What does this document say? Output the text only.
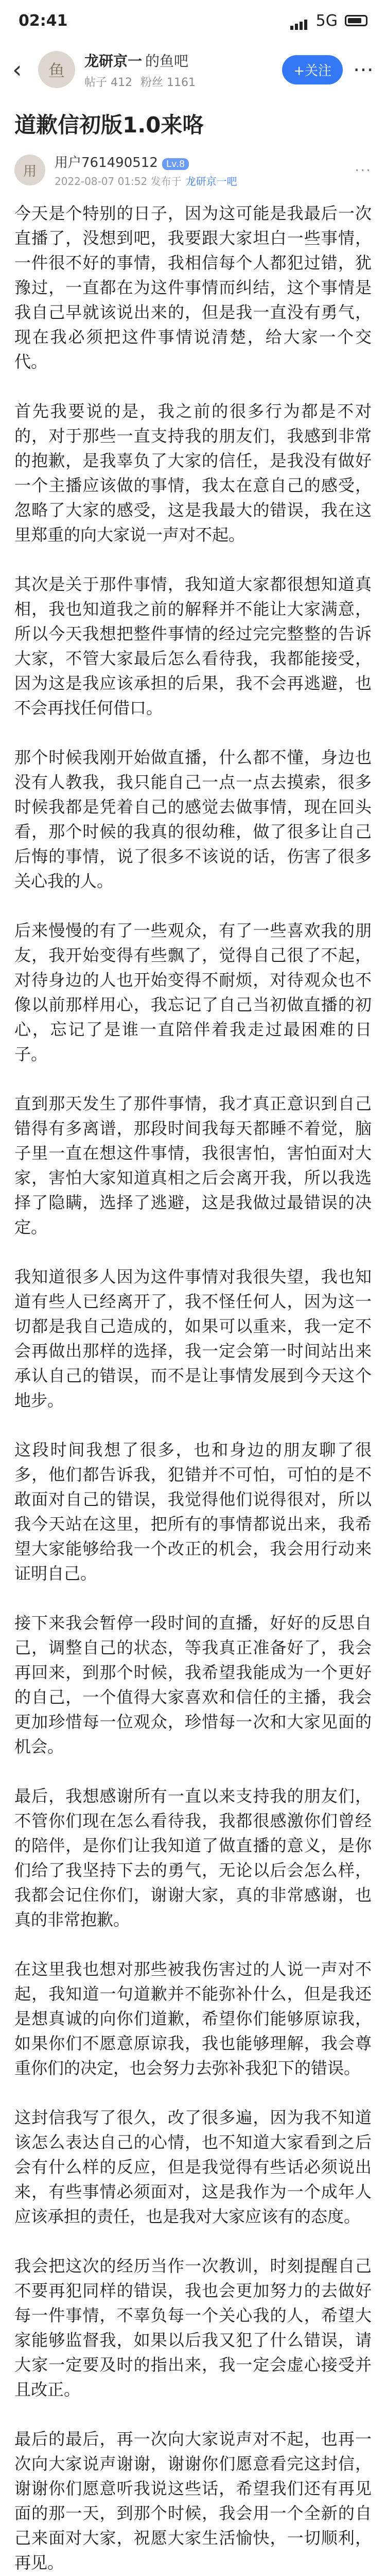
02:41	5G
‹	鱼	龙研京一 的鱼吧
帖子 412 粉丝 1161
+关注	⋯
道歉信初版1.0来咯
用
用户761490512 Lv.8
2022-08-07 01:52 发布于 龙研京一吧
···

今天是个特别的日子，因为这可能是我最后一次直播了，没想到吧，我要跟大家坦白一些事情，一件很不好的事情，我相信每个人都犯过错，犹豫过，一直都在为这件事情而纠结，这个事情是我自己早就该说出来的，但是我一直没有勇气，现在我必须把这件事情说清楚，给大家一个交代。

首先我要说的是，我之前的很多行为都是不对的，对于那些一直支持我的朋友们，我感到非常的抱歉，是我辜负了大家的信任，是我没有做好一个主播应该做的事情，我太在意自己的感受，忽略了大家的感受，这是我最大的错误，我在这里郑重的向大家说一声对不起。

其次是关于那件事情，我知道大家都很想知道真相，我也知道我之前的解释并不能让大家满意，所以今天我想把整件事情的经过完完整整的告诉大家，不管大家最后怎么看待我，我都能接受，因为这是我应该承担的后果，我不会再逃避，也不会再找任何借口。

那个时候我刚开始做直播，什么都不懂，身边也没有人教我，我只能自己一点一点去摸索，很多时候我都是凭着自己的感觉去做事情，现在回头看，那个时候的我真的很幼稚，做了很多让自己后悔的事情，说了很多不该说的话，伤害了很多关心我的人。

后来慢慢的有了一些观众，有了一些喜欢我的朋友，我开始变得有些飘了，觉得自己很了不起，对待身边的人也开始变得不耐烦，对待观众也不像以前那样用心，我忘记了自己当初做直播的初心，忘记了是谁一直陪伴着我走过最困难的日子。

直到那天发生了那件事情，我才真正意识到自己错得有多离谱，那段时间我每天都睡不着觉，脑子里一直在想这件事情，我很害怕，害怕面对大家，害怕大家知道真相之后会离开我，所以我选择了隐瞒，选择了逃避，这是我做过最错误的决定。

我知道很多人因为这件事情对我很失望，我也知道有些人已经离开了，我不怪任何人，因为这一切都是我自己造成的，如果可以重来，我一定不会再做出那样的选择，我一定会第一时间站出来承认自己的错误，而不是让事情发展到今天这个地步。

这段时间我想了很多，也和身边的朋友聊了很多，他们都告诉我，犯错并不可怕，可怕的是不敢面对自己的错误，我觉得他们说得很对，所以我今天站在这里，把所有的事情都说出来，我希望大家能够给我一个改正的机会，我会用行动来证明自己。

接下来我会暂停一段时间的直播，好好的反思自己，调整自己的状态，等我真正准备好了，我会再回来，到那个时候，我希望我能成为一个更好的自己，一个值得大家喜欢和信任的主播，我会更加珍惜每一位观众，珍惜每一次和大家见面的机会。

最后，我想感谢所有一直以来支持我的朋友们，不管你们现在怎么看待我，我都很感激你们曾经的陪伴，是你们让我知道了做直播的意义，是你们给了我坚持下去的勇气，无论以后会怎么样，我都会记住你们，谢谢大家，真的非常感谢，也真的非常抱歉。

在这里我也想对那些被我伤害过的人说一声对不起，我知道一句道歉并不能弥补什么，但是我还是想真诚的向你们道歉，希望你们能够原谅我，如果你们不愿意原谅我，我也能够理解，我会尊重你们的决定，也会努力去弥补我犯下的错误。

这封信我写了很久，改了很多遍，因为我不知道该怎么表达自己的心情，也不知道大家看到之后会有什么样的反应，但是我觉得有些话必须说出来，有些事情必须面对，这是我作为一个成年人应该承担的责任，也是我对大家应该有的态度。

我会把这次的经历当作一次教训，时刻提醒自己不要再犯同样的错误，我也会更加努力的去做好每一件事情，不辜负每一个关心我的人，希望大家能够监督我，如果以后我又犯了什么错误，请大家一定要及时的指出来，我一定会虚心接受并且改正。

最后的最后，再一次向大家说声对不起，也再一次向大家说声谢谢，谢谢你们愿意看完这封信，谢谢你们愿意听我说这些话，希望我们还有再见面的那一天，到那个时候，我会用一个全新的自己来面对大家，祝愿大家生活愉快，一切顺利，再见。
